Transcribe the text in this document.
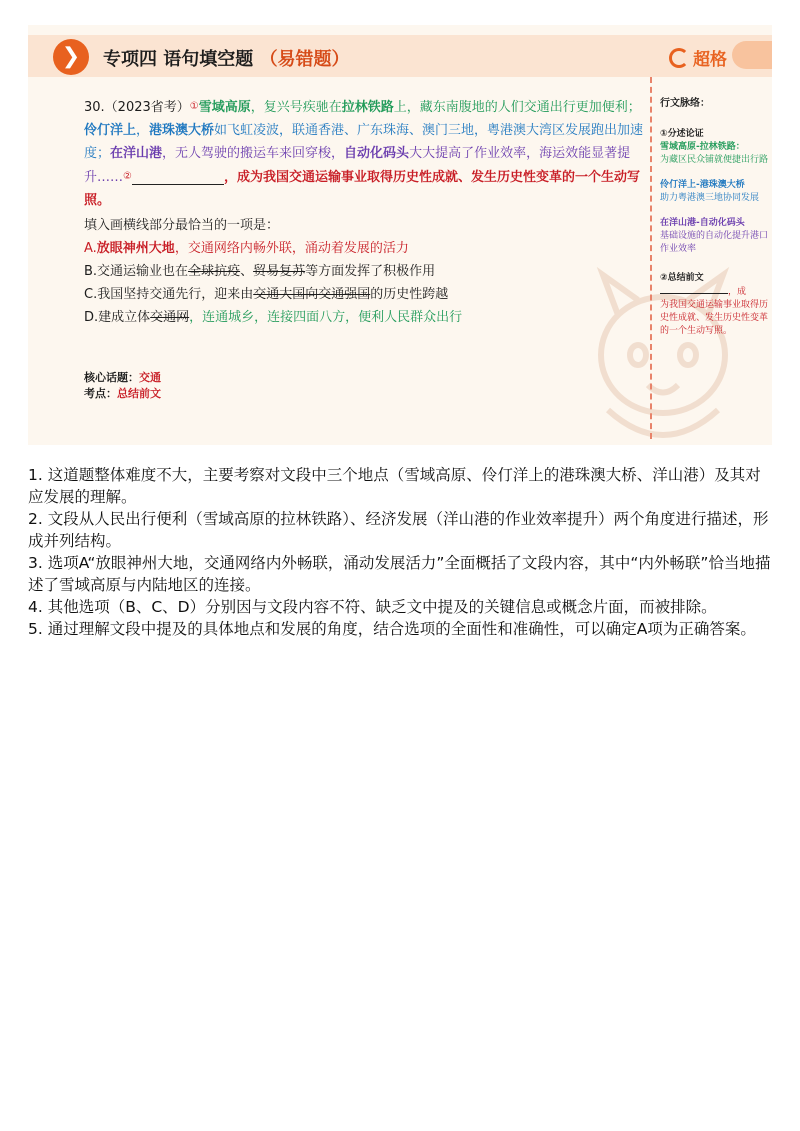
❯	专项四 语句填空题 （易错题）	超格
30.（2023省考）①雪域高原，复兴号疾驰在拉林铁路上，藏东南腹地的人们交通出行更加便利；
伶仃洋上，港珠澳大桥如飞虹凌波，联通香港、广东珠海、澳门三地，粤港澳大湾区发展跑出加速度；在洋山港，无人驾驶的搬运车来回穿梭，自动化码头大大提高了作业效率，海运效能显著提升……②	，成为我国交通运输事业取得历史性成就、发生历史性变革的一个生动写照。
填入画横线部分最恰当的一项是：
A.放眼神州大地，交通网络内畅外联，涌动着发展的活力
B.交通运输业也在全球抗疫、贸易复苏等方面发挥了积极作用
C.我国坚持交通先行，迎来由交通大国向交通强国的历史性跨越
D.建成立体交通网，连通城乡，连接四面八方，便利人民群众出行
核心话题：交通
考点：总结前文
行文脉络：
①分述论证
雪域高原-拉林铁路：
为藏区民众铺就便捷出行路
伶仃洋上-港珠澳大桥
助力粤港澳三地协同发展
在洋山港-自动化码头
基础设施的自动化提升港口作业效率
②总结前文
，成
为我国交通运输事业取得历史性成就、发生历史性变革的一个生动写照。

1. 这道题整体难度不大，主要考察对文段中三个地点（雪域高原、伶仃洋上的港珠澳大桥、洋山港）及其对应发展的理解。

2. 文段从人民出行便利（雪域高原的拉林铁路）、经济发展（洋山港的作业效率提升）两个角度进行描述，形成并列结构。

3. 选项A“放眼神州大地，交通网络内外畅联，涌动发展活力”全面概括了文段内容，其中“内外畅联”恰当地描述了雪域高原与内陆地区的连接。

4. 其他选项（B、C、D）分别因与文段内容不符、缺乏文中提及的关键信息或概念片面，而被排除。

5. 通过理解文段中提及的具体地点和发展的角度，结合选项的全面性和准确性，可以确定A项为正确答案。
